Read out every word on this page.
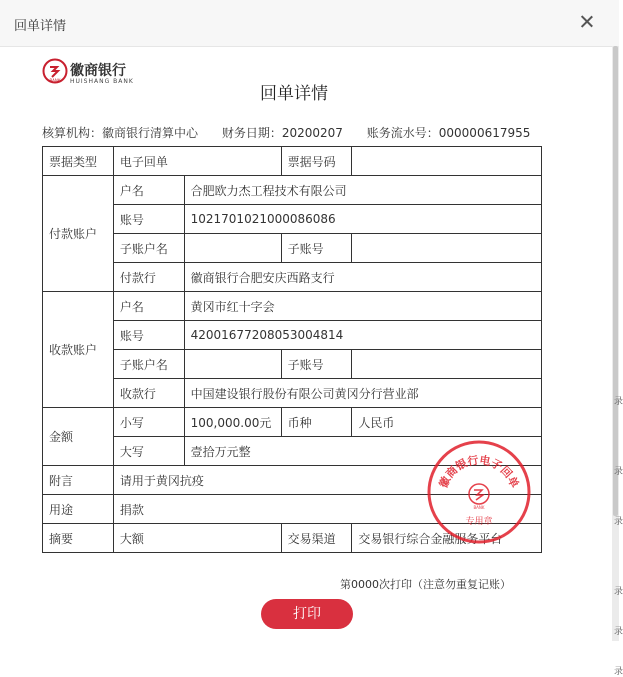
回单详情
录
录
录
录
录
录
BANK
徽商银行
HUISHANG BANK
回单详情
核算机构：徽商银行清算中心 财务日期：20200207 账务流水号：000000617955
票据类型	电子回单		票据号码	
付款账户	户名	合肥欧力杰工程技术有限公司		
	账号	1021701021000086086		
	子账户名		子账号	
	付款行	徽商银行合肥安庆西路支行		
收款账户	户名	黄冈市红十字会		
	账号	42001677208053004814		
	子账户名		子账号	
	收款行	中国建设银行股份有限公司黄冈分行营业部		
金额	小写	100,000.00元	币种	人民币
	大写	壹拾万元整		
附言	请用于黄冈抗疫			
用途	捐款			
摘要	大额		交易渠道	交易银行综合金融服务平台
徽商银行电子回单
BANK
专用章
第0000次打印（注意勿重复记账）
打印
